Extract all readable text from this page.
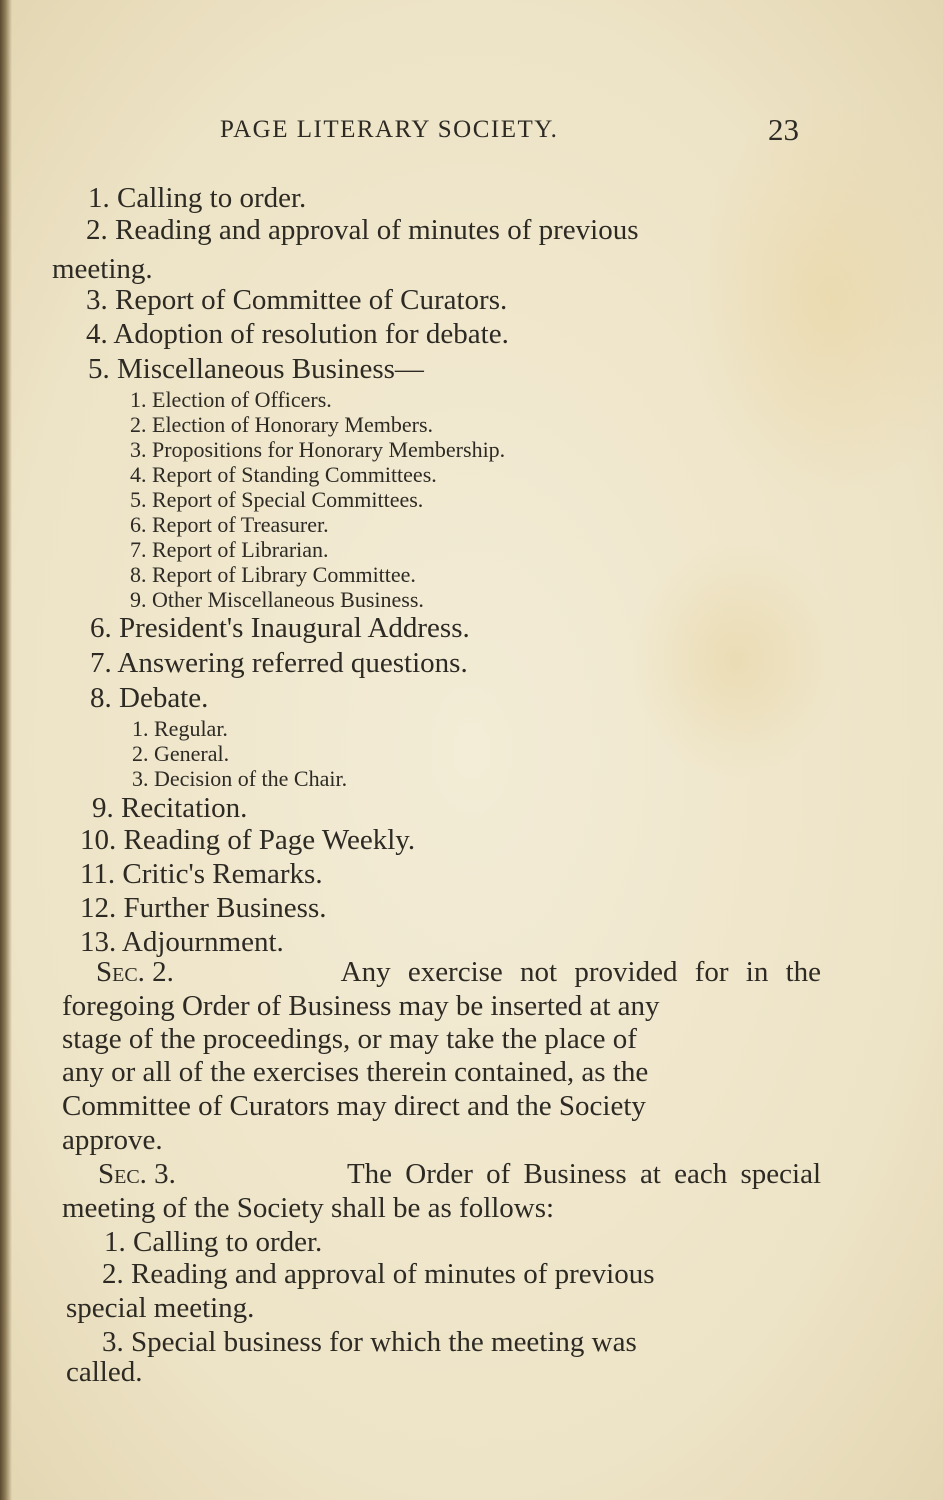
PAGE LITERARY SOCIETY.	23
1. Calling to order.
2. Reading and approval of minutes of previous
meeting.
3. Report of Committee of Curators.
4. Adoption of resolution for debate.
5. Miscellaneous Business—
1. Election of Officers.
2. Election of Honorary Members.
3. Propositions for Honorary Membership.
4. Report of Standing Committees.
5. Report of Special Committees.
6. Report of Treasurer.
7. Report of Librarian.
8. Report of Library Committee.
9. Other Miscellaneous Business.
6. President's Inaugural Address.
7. Answering referred questions.
8. Debate.
1. Regular.
2. General.
3. Decision of the Chair.
9. Recitation.
10. Reading of Page Weekly.
11. Critic's Remarks.
12. Further Business.
13. Adjournment.
Sec. 2.	Any exercise not provided for in the
foregoing Order of Business may be inserted at any
stage of the proceedings, or may take the place of
any or all of the exercises therein contained, as the
Committee of Curators may direct and the Society
approve.
Sec. 3.	The Order of Business at each special
meeting of the Society shall be as follows:
1. Calling to order.
2. Reading and approval of minutes of previous
special meeting.
3. Special business for which the meeting was
called.
